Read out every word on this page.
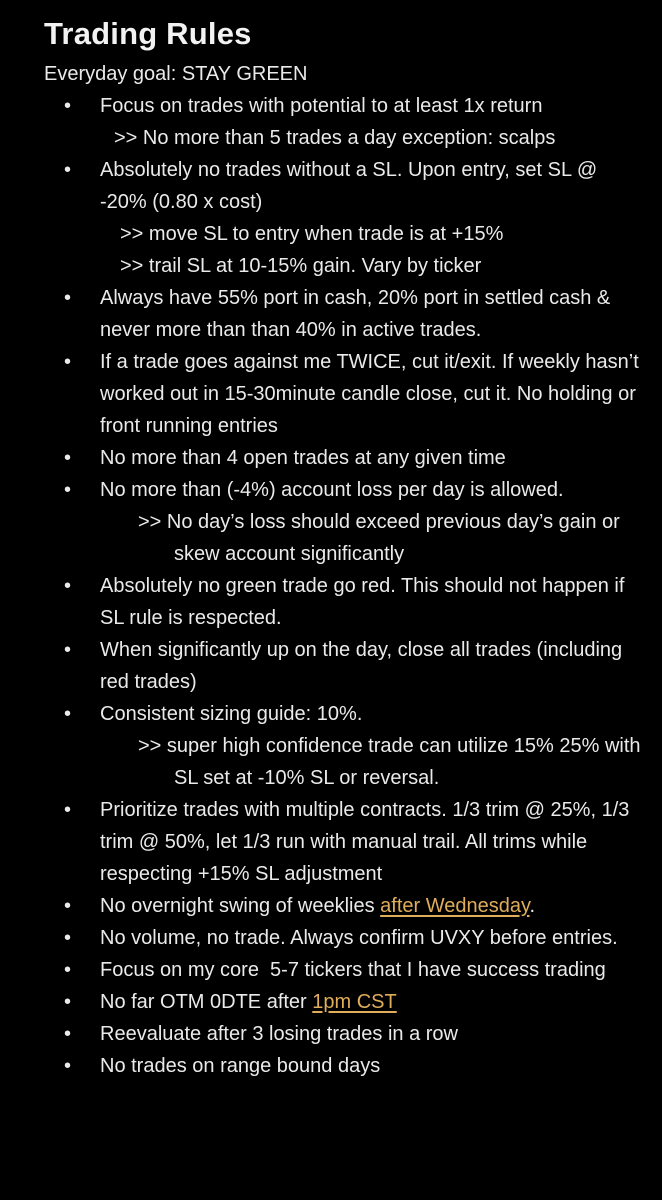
Trading Rules
Everyday goal: STAY GREEN
• Focus on trades with potential to at least 1x return
>> No more than 5 trades a day exception: scalps
• Absolutely no trades without a SL. Upon entry, set SL @ -20% (0.80 x cost)
>> move SL to entry when trade is at +15%
>> trail SL at 10-15% gain. Vary by ticker
• Always have 55% port in cash, 20% port in settled cash & never more than than 40% in active trades.
• If a trade goes against me TWICE, cut it/exit. If weekly hasn’t worked out in 15-30minute candle close, cut it. No holding or front running entries
• No more than 4 open trades at any given time
• No more than (-4%) account loss per day is allowed.
>> No day’s loss should exceed previous day’s gain or skew account significantly
• Absolutely no green trade go red. This should not happen if SL rule is respected.
• When significantly up on the day, close all trades (including red trades)
• Consistent sizing guide: 10%.
>> super high confidence trade can utilize 15% 25% with SL set at -10% SL or reversal.
• Prioritize trades with multiple contracts. 1/3 trim @ 25%, 1/3 trim @ 50%, let 1/3 run with manual trail. All trims while respecting +15% SL adjustment
• No overnight swing of weeklies after Wednesday.
• No volume, no trade. Always confirm UVXY before entries.
• Focus on my core  5-7 tickers that I have success trading
• No far OTM 0DTE after 1pm CST
• Reevaluate after 3 losing trades in a row
• No trades on range bound days
